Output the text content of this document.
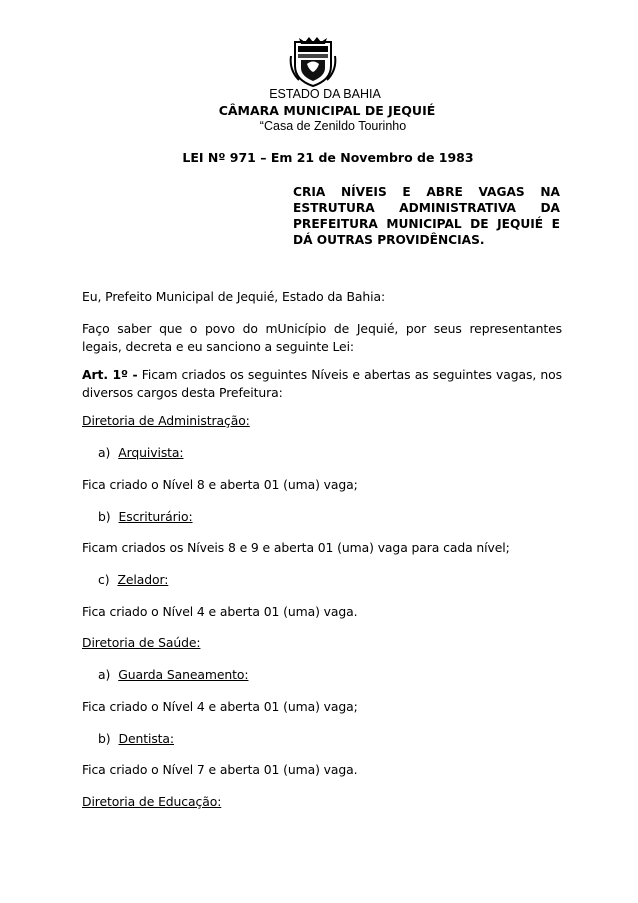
ESTADO DA BAHIA
CÂMARA MUNICIPAL DE JEQUIÉ
“Casa de Zenildo Tourinho
LEI Nº 971 – Em 21 de Novembro de 1983
CRIA NÍVEIS E ABRE VAGAS NA ESTRUTURA ADMINISTRATIVA DA PREFEITURA MUNICIPAL DE JEQUIÉ E DÁ OUTRAS PROVIDÊNCIAS.
Eu, Prefeito Municipal de Jequié, Estado da Bahia:
Faço saber que o povo do mUnicípio de Jequié, por seus representantes legais, decreta e eu sanciono a seguinte Lei:
Art. 1º - Ficam criados os seguintes Níveis e abertas as seguintes vagas, nos diversos cargos desta Prefeitura:
Diretoria de Administração:
a) Arquivista:
Fica criado o Nível 8 e aberta 01 (uma) vaga;
b) Escriturário:
Ficam criados os Níveis 8 e 9 e aberta 01 (uma) vaga para cada nível;
c) Zelador:
Fica criado o Nível 4 e aberta 01 (uma) vaga.
Diretoria de Saúde:
a) Guarda Saneamento:
Fica criado o Nível 4 e aberta 01 (uma) vaga;
b) Dentista:
Fica criado o Nível 7 e aberta 01 (uma) vaga.
Diretoria de Educação:
